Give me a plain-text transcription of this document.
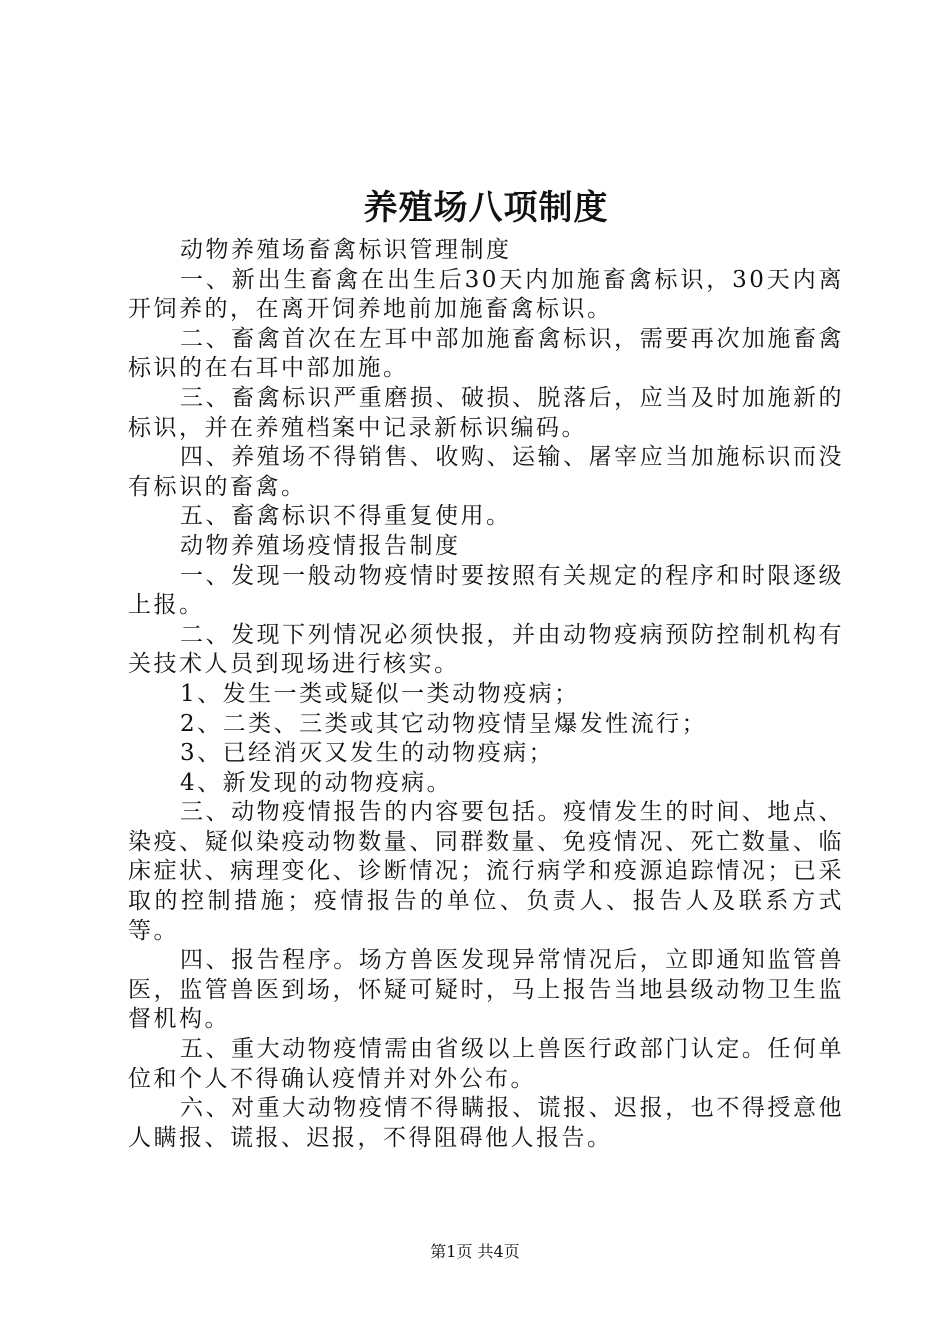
养殖场八项制度

动物养殖场畜禽标识管理制度

一、新出生畜禽在出生后30天内加施畜禽标识，30天内离开饲养的，在离开饲养地前加施畜禽标识。

二、畜禽首次在左耳中部加施畜禽标识，需要再次加施畜禽标识的在右耳中部加施。

三、畜禽标识严重磨损、破损、脱落后，应当及时加施新的标识，并在养殖档案中记录新标识编码。

四、养殖场不得销售、收购、运输、屠宰应当加施标识而没有标识的畜禽。

五、畜禽标识不得重复使用。

动物养殖场疫情报告制度

一、发现一般动物疫情时要按照有关规定的程序和时限逐级上报。

二、发现下列情况必须快报，并由动物疫病预防控制机构有关技术人员到现场进行核实。

1、发生一类或疑似一类动物疫病；

2、二类、三类或其它动物疫情呈爆发性流行；

3、已经消灭又发生的动物疫病；

4、新发现的动物疫病。

三、动物疫情报告的内容要包括。疫情发生的时间、地点、染疫、疑似染疫动物数量、同群数量、免疫情况、死亡数量、临床症状、病理变化、诊断情况；流行病学和疫源追踪情况；已采取的控制措施；疫情报告的单位、负责人、报告人及联系方式等。

四、报告程序。场方兽医发现异常情况后，立即通知监管兽医，监管兽医到场，怀疑可疑时，马上报告当地县级动物卫生监督机构。

五、重大动物疫情需由省级以上兽医行政部门认定。任何单位和个人不得确认疫情并对外公布。

六、对重大动物疫情不得瞒报、谎报、迟报，也不得授意他人瞒报、谎报、迟报，不得阻碍他人报告。

第1页 共4页
